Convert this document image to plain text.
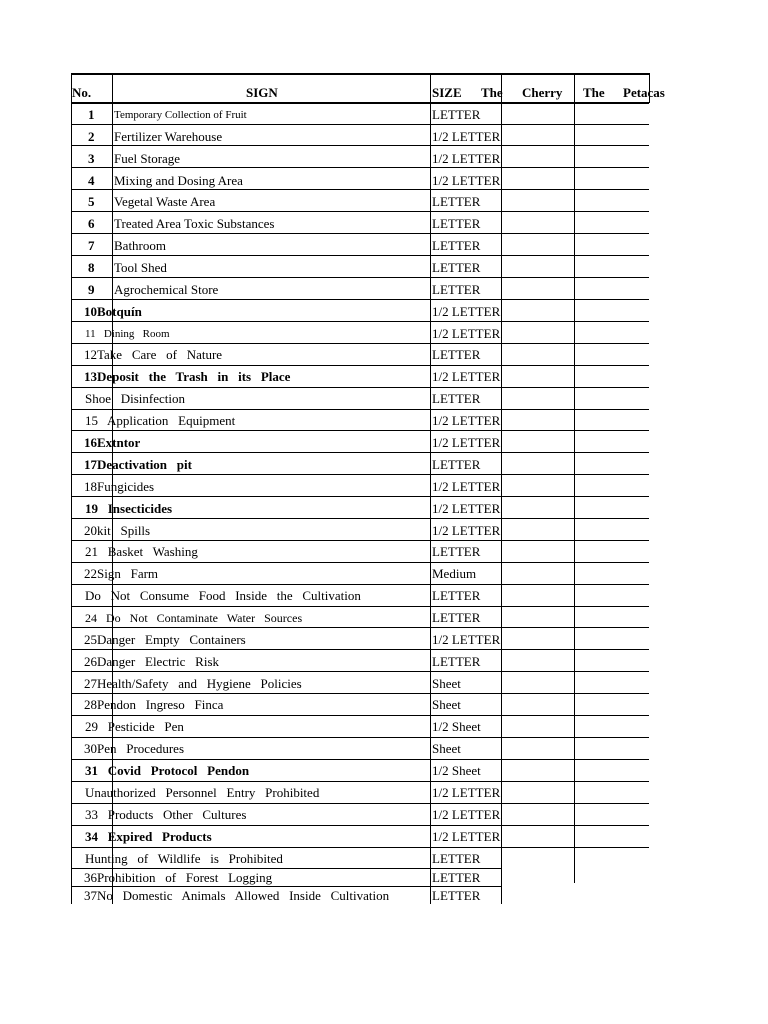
No.	SIGN	SIZE The Cherry The Petacas
1 Temporary Collection of Fruit	LETTER
2 Fertilizer Warehouse	1/2 LETTER
3 Fuel Storage	1/2 LETTER
4 Mixing and Dosing Area	1/2 LETTER
5 Vegetal Waste Area	LETTER
6 Treated Area Toxic Substances	LETTER
7 Bathroom	LETTER
8 Tool Shed	LETTER
9 Agrochemical Store	LETTER
10Botquín	1/2 LETTER
11   Dining   Room	1/2 LETTER
12Take   Care   of   Nature	LETTER
13Deposit   the   Trash   in   its   Place	1/2 LETTER
Shoe   Disinfection	LETTER
15   Application   Equipment	1/2 LETTER
16Extntor	1/2 LETTER
17Deactivation   pit	LETTER
18Fungicides	1/2 LETTER
19   Insecticides	1/2 LETTER
20kit   Spills	1/2 LETTER
21   Basket   Washing	LETTER
22Sign   Farm	Medium
Do   Not   Consume   Food   Inside   the   Cultivation	LETTER
24   Do   Not   Contaminate   Water   Sources	LETTER
25Danger   Empty   Containers	1/2 LETTER
26Danger   Electric   Risk	LETTER
27Health/Safety   and   Hygiene   Policies	Sheet
28Pendon   Ingreso   Finca	Sheet
29   Pesticide   Pen	1/2 Sheet
30Pen   Procedures	Sheet
31   Covid   Protocol   Pendon	1/2 Sheet
Unauthorized   Personnel   Entry   Prohibited	1/2 LETTER
33   Products   Other   Cultures	1/2 LETTER
34   Expired   Products	1/2 LETTER
Hunting   of   Wildlife   is   Prohibited	LETTER
36Prohibition   of   Forest   Logging	LETTER
37No   Domestic   Animals   Allowed   Inside   Cultivation	LETTER
